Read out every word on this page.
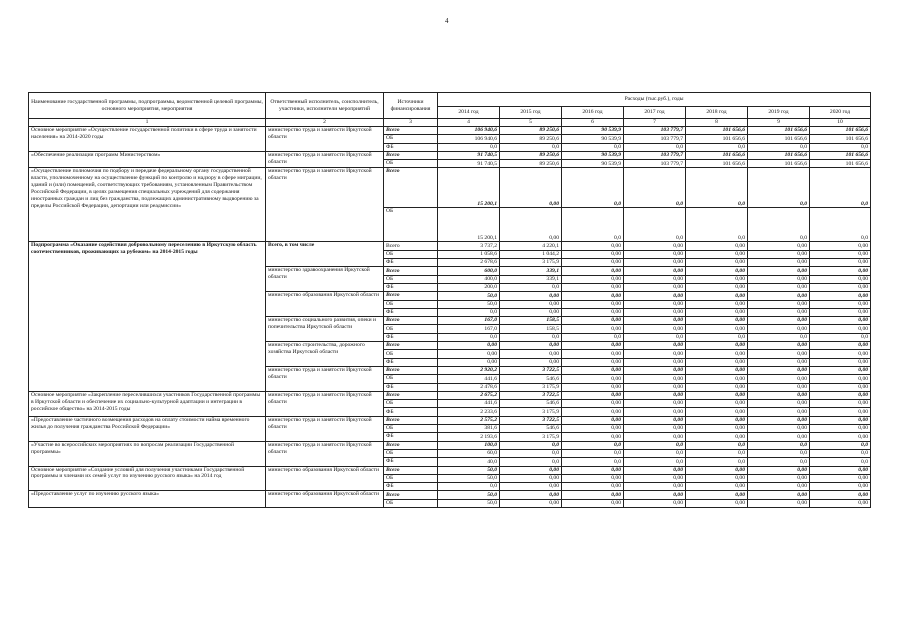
4
Наименование государственной программы, подпрограммы, ведомственной целевой программы, основного мероприятия, мероприятия	Ответственный исполнитель, соисполнитель, участники, исполнители мероприятий	Источники финансирования	Расходы (тыс.руб.), годы						
			2014 год	2015 год	2016 год	2017 год	2018 год	2019 год	2020 год
1	2	3	4	5	6	7	8	9	10
Основное мероприятие «Осуществление государственной политики в сфере труда и занятости населения» на 2014-2020 годы	министерство труда и занятости Иркутской области	Всего	106 940,6	89 250,6	90 539,9	103 779,7	101 656,6	101 656,6	101 656,6
		ОБ	106 940,6	89 250,6	90 539,9	103 779,7	101 656,6	101 656,6	101 656,6
		ФБ	0,0	0,0	0,0	0,0	0,0	0,0	0,0
«Обеспечение реализации программ Министерством»	министерство труда и занятости Иркутской области	Всего	91 740,5	89 250,6	90 539,9	103 779,7	101 656,6	101 656,6	101 656,6
		ОБ	91 740,5	89 250,6	90 539,9	103 779,7	101 656,6	101 656,6	101 656,6
«Осуществление полномочия по подбору и передаче федеральному органу государственной власти, уполномоченному на осуществление функций по контролю и надзору в сфере миграции, зданий и (или) помещений, соответствующих требованиям, установленным Правительством Российской Федерации, в целях размещения специальных учреждений для содержания иностранных граждан и лиц без гражданства, подлежащих административному выдворению за пределы Российской Федерации, депортации или реадмиссии»	министерство труда и занятости Иркутской области	Всего	15 200,1	0,00	0,0	0,0	0,0	0,0	0,0
		ОБ	15 200,1	0,00	0,0	0,0	0,0	0,0	0,0
Подпрограмма «Оказание содействия добровольному переселению в Иркутскую область соотечественников, проживающих за рубежом» на 2014-2015 годы	Всего, в том числе	Всего	3 737,2	4 220,1	0,00	0,00	0,00	0,00	0,00
		ОБ	1 058,6	1 044,2	0,00	0,00	0,00	0,00	0,00
		ФБ	2 678,6	3 175,9	0,00	0,00	0,00	0,00	0,00
	министерство здравоохранения Иркутской области	Всего	600,0	339,1	0,00	0,00	0,00	0,00	0,00
		ОБ	400,0	339,1	0,00	0,00	0,00	0,00	0,00
		ФБ	200,0	0,0	0,00	0,00	0,00	0,00	0,00
	министерство образования Иркутской области	Всего	50,0	0,00	0,00	0,00	0,00	0,00	0,00
		ОБ	50,0	0,00	0,00	0,00	0,00	0,00	0,00
		ФБ	0,0	0,00	0,00	0,00	0,00	0,00	0,00
	министерство социального развития, опеки и попечительства Иркутской области	Всего	167,0	158,5	0,00	0,00	0,00	0,00	0,00
		ОБ	167,0	158,5	0,00	0,00	0,00	0,00	0,00
		ФБ	0,0	0,0	0,0	0,0	0,0	0,0	0,0
	министерство строительства, дорожного хозяйства Иркутской области	Всего	0,00	0,00	0,00	0,00	0,00	0,00	0,00
		ОБ	0,00	0,00	0,00	0,00	0,00	0,00	0,00
		ФБ	0,00	0,00	0,00	0,00	0,00	0,00	0,00
	министерство труда и занятости Иркутской области	Всего	2 920,2	3 722,5	0,00	0,00	0,00	0,00	0,00
		ОБ	441,6	546,6	0,00	0,00	0,00	0,00	0,00
		ФБ	2 478,6	3 175,9	0,00	0,00	0,00	0,00	0,00
Основное мероприятие «Закрепление переселившихся участников Государственной программы в Иркутской области и обеспечение их социально-культурной адаптации и интеграции в российское общество» на 2014-2015 годы	министерство труда и занятости Иркутской области	Всего	2 675,2	3 722,5	0,00	0,00	0,00	0,00	0,00
		ОБ	441,6	546,6	0,00	0,00	0,00	0,00	0,00
		ФБ	2 233,6	3 175,9	0,00	0,00	0,00	0,00	0,00
«Предоставление частичного возмещения расходов на оплату стоимости найма временного жилья до получения гражданства Российской Федерации»	министерство труда и занятости Иркутской области	Всего	2 575,2	3 722,5	0,00	0,00	0,00	0,00	0,00
		ОБ	381,6	546,6	0,00	0,00	0,00	0,00	0,00
		ФБ	2 193,6	3 175,9	0,00	0,00	0,00	0,00	0,00
«Участие во всероссийских мероприятиях по вопросам реализации Государственной программы»	министерство труда и занятости Иркутской области	Всего	100,0	0,0	0,0	0,0	0,0	0,0	0,0
		ОБ	60,0	0,0	0,0	0,0	0,0	0,0	0,0
		ФБ	40,0	0,0	0,0	0,0	0,0	0,0	0,0
Основное мероприятие «Создание условий для получения участниками Государственной программы и членами их семей услуг по изучению русского языка» на 2014 год	министерство образования Иркутской области	Всего	50,0	0,00	0,00	0,00	0,00	0,00	0,00
		ОБ	50,0	0,00	0,00	0,00	0,00	0,00	0,00
		ФБ	0,0	0,00	0,00	0,00	0,00	0,00	0,00
«Предоставление услуг по изучению русского языка»	министерство образования Иркутской области	Всего	50,0	0,00	0,00	0,00	0,00	0,00	0,00
		ОБ	50,0	0,00	0,00	0,00	0,00	0,00	0,00
